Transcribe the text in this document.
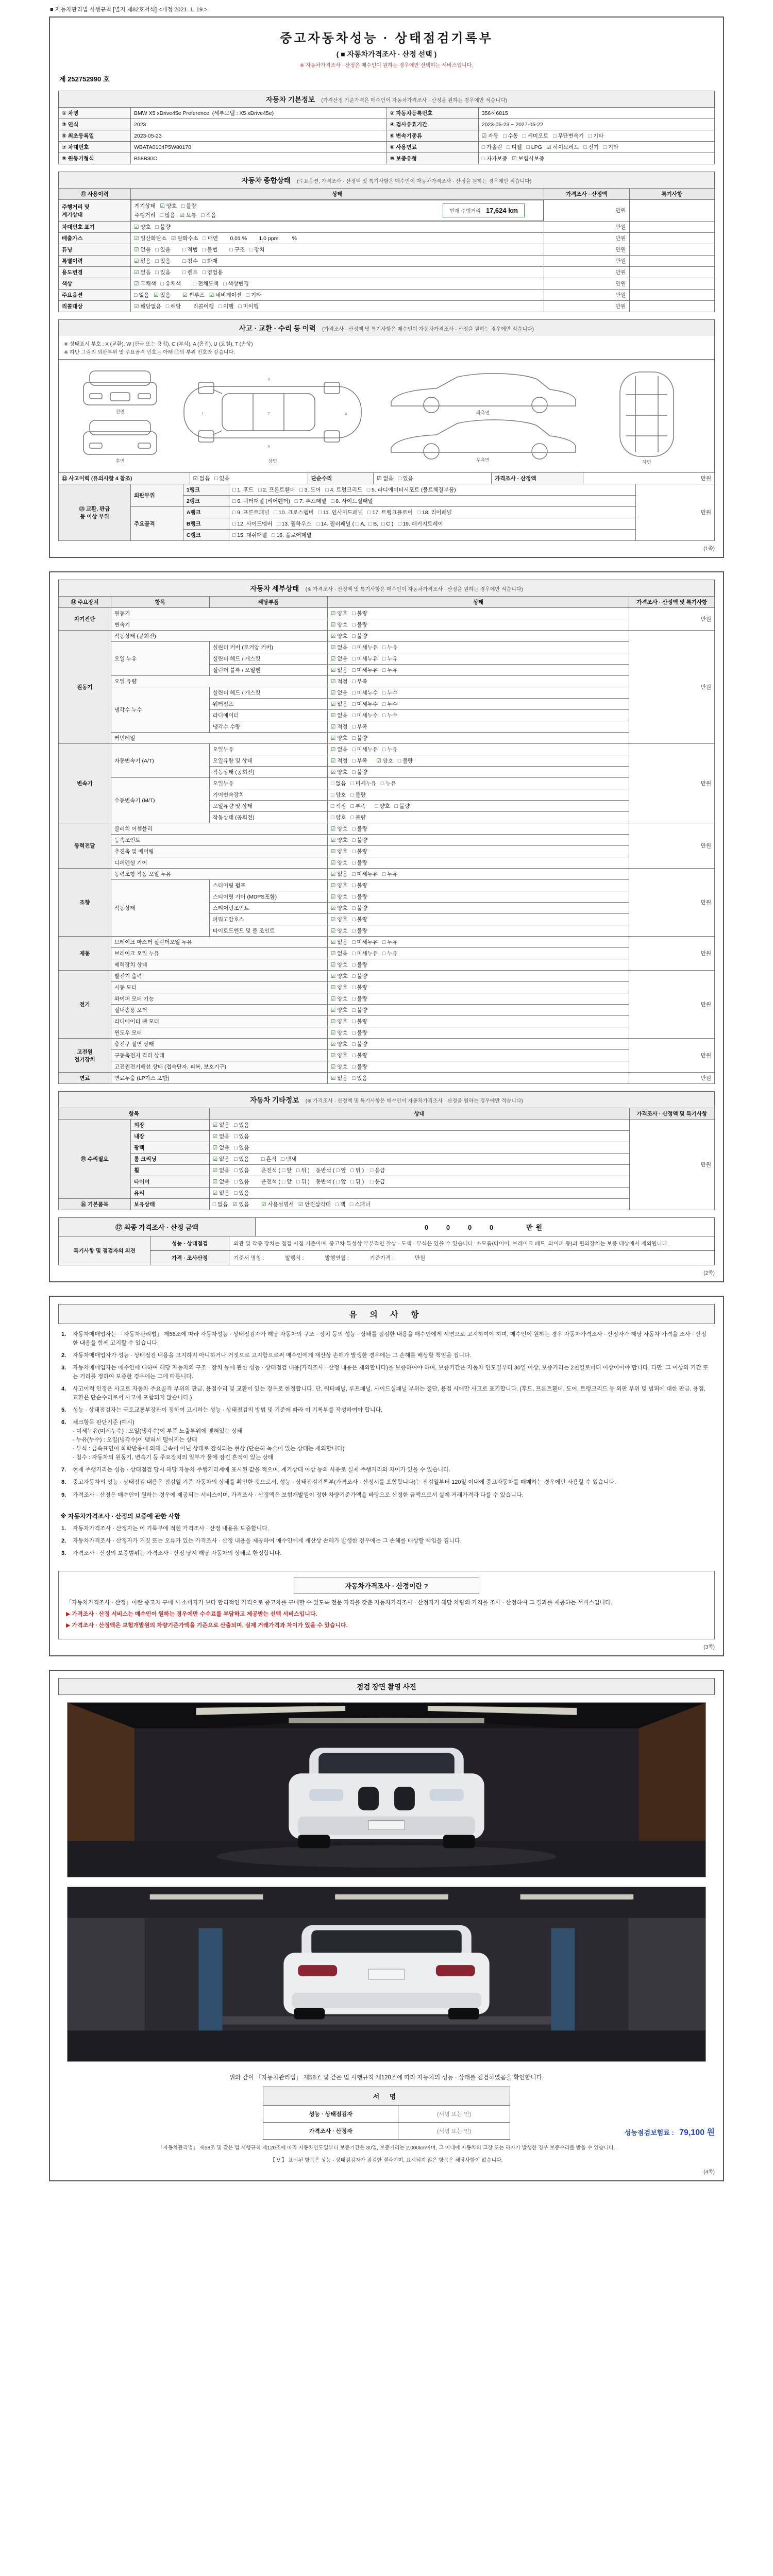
■ 자동차관리법 시행규칙 [별지 제82호서식] <개정 2021. 1. 19.>
중고자동차성능 · 상태점검기록부
( ■ 자동차가격조사 · 산정 선택 )
※ 자동차가격조사 · 산정은 매수인이 원하는 경우에만 선택하는 서비스입니다.
제 252752990 호
자동차 기본정보 (가격산정 기준가격은 매수인이 자동차가격조사 · 산정을 원하는 경우에만 적습니다)
① 차명	BMW X5 xDrive45e Preference  (세부모델 : X5 xDrive45e)	② 자동차등록번호	356허6815
③ 연식	2023	④ 검사유효기간	2023-05-23 ~ 2027-05-22
⑤ 최초등록일	2023-05-23	⑥ 변속기종류	☑ 자동   □ 수동   □ 세미오토   □ 무단변속기   □ 기타
⑦ 차대번호	WBATA0104P5W80170	⑧ 사용연료	□ 가솔린   □ 디젤   □ LPG   ☑ 하이브리드   □ 전기   □ 기타
⑨ 원동기형식	B58B30C	⑩ 보증유형	□ 자가보증   ☑ 보험사보증
자동차 종합상태 (주요옵션, 가격조사 · 산정액 및 특기사항은 매수인이 자동차가격조사 · 산정을 원하는 경우에만 적습니다)
⑪ 사용이력	상태	가격조사 · 산정액	특기사항
주행거리 및
계기상태	
계기상태   ☑ 양호   □ 불량
주행거리   □ 많음   ☑ 보통   □ 적음
현재 주행거리 17,624 km	만원	
차대번호 표기	☑ 양호   □ 불량	만원	
배출가스	☑ 일산화탄소   ☑ 탄화수소   □ 매연        0.01 %        1.0 ppm         %	만원	
튜닝	☑ 없음   □ 있음        □ 적법   □ 불법        □ 구조   □ 장치	만원	
특별이력	☑ 없음   □ 있음        □ 침수   □ 화재	만원	
용도변경	☑ 없음   □ 있음        □ 렌트   □ 영업용	만원	
색상	☑ 무채색   □ 유채색        □ 전체도색   □ 색상변경	만원	
주요옵션	□ 없음   ☑ 있음        ☑ 썬루프   ☑ 네비게이션   □ 기타	만원	
리콜대상	☑ 해당없음   □ 해당        리콜이행   □ 이행   □ 미이행	만원	
사고 · 교환 · 수리 등 이력 (가격조사 · 산정액 및 특기사항은 매수인이 자동차가격조사 · 산정을 원하는 경우에만 적습니다)
※ 상태표시 부호 : X (교환), W (판금 또는 용접), C (부식), A (흠집), U (요철), T (손상)
※ 하단 그림의 외판부위 및 주요골격 번호는 아래 ⑬의 부위 번호와 같습니다.
전면
후면
1	7	4
3
3
상면
좌측면
우측면	하면
⑫ 사고이력 (유의사항 4 참조)	☑ 없음   □ 있음	단순수리	☑ 없음   □ 있음	가격조사 · 산정액	만원
⑬ 교환, 판금
등 이상 부위	외판부위	1랭크	□ 1. 후드   □ 2. 프론트휀더   □ 3. 도어   □ 4. 트렁크리드   □ 5. 라디에이터서포트 (볼트체결부품)	만원
		2랭크	□ 6. 쿼터패널 (리어휀더)   □ 7. 루프패널   □ 8. 사이드실패널	
	주요골격	A랭크	□ 9. 프론트패널   □ 10. 크로스멤버   □ 11. 인사이드패널   □ 17. 트렁크플로어   □ 18. 리어패널	
		B랭크	□ 12. 사이드멤버   □ 13. 휠하우스   □ 14. 필러패널 ( □ A,  □ B,  □ C )   □ 19. 패키지트레이	
		C랭크	□ 15. 대쉬패널   □ 16. 플로어패널	
(1쪽)
자동차 세부상태 (※ 가격조사 · 산정액 및 특기사항은 매수인이 자동차가격조사 · 산정을 원하는 경우에만 적습니다)
⑭ 주요장치	항목	해당부품	상태	가격조사 · 산정액 및 특기사항
자기진단	원동기		☑ 양호   □ 불량	만원
	변속기		☑ 양호   □ 불량	
원동기	작동상태 (공회전)		☑ 양호   □ 불량	만원
	오일 누유	실린더 커버 (로커암 커버)	☑ 없음   □ 미세누유   □ 누유	
		실린더 헤드 / 개스킷	☑ 없음   □ 미세누유   □ 누유	
		실린더 블록 / 오일팬	☑ 없음   □ 미세누유   □ 누유	
	오일 유량		☑ 적정   □ 부족	
	냉각수 누수	실린더 헤드 / 개스킷	☑ 없음   □ 미세누수   □ 누수	
		워터펌프	☑ 없음   □ 미세누수   □ 누수	
		라디에이터	☑ 없음   □ 미세누수   □ 누수	
		냉각수 수량	☑ 적정   □ 부족	
	커먼레일		☑ 양호   □ 불량	
변속기	자동변속기 (A/T)	오일누유	☑ 없음   □ 미세누유   □ 누유	만원
		오일유량 및 상태	☑ 적정   □ 부족      ☑ 양호   □ 불량	
		작동상태 (공회전)	☑ 양호   □ 불량	
	수동변속기 (M/T)	오일누유	□ 없음   □ 미세누유   □ 누유	
		기어변속장치	□ 양호   □ 불량	
		오일유량 및 상태	□ 적정   □ 부족      □ 양호   □ 불량	
		작동상태 (공회전)	□ 양호   □ 불량	
동력전달	클러치 어셈블리		☑ 양호   □ 불량	만원
	등속조인트		☑ 양호   □ 불량	
	추진축 및 베어링		☑ 양호   □ 불량	
	디퍼렌셜 기어		☑ 양호   □ 불량	
조향	동력조향 작동 오일 누유		☑ 없음   □ 미세누유   □ 누유	만원
	작동상태	스티어링 펌프	☑ 양호   □ 불량	
		스티어링 기어 (MDPS포함)	☑ 양호   □ 불량	
		스티어링조인트	☑ 양호   □ 불량	
		파워고압호스	☑ 양호   □ 불량	
		타이로드엔드 및 볼 조인트	☑ 양호   □ 불량	
제동	브레이크 마스터 실린더오일 누유		☑ 없음   □ 미세누유   □ 누유	만원
	브레이크 오일 누유		☑ 없음   □ 미세누유   □ 누유	
	배력장치 상태		☑ 양호   □ 불량	
전기	발전기 출력		☑ 양호   □ 불량	만원
	시동 모터		☑ 양호   □ 불량	
	와이퍼 모터 기능		☑ 양호   □ 불량	
	실내송풍 모터		☑ 양호   □ 불량	
	라디에이터 팬 모터		☑ 양호   □ 불량	
	윈도우 모터		☑ 양호   □ 불량	
고전원
전기장치	충전구 절연 상태		☑ 양호   □ 불량	만원
	구동축전지 격리 상태		☑ 양호   □ 불량	
	고전원전기배선 상태 (접속단자, 피복, 보호기구)		☑ 양호   □ 불량	
연료	연료누출 (LP가스 포함)		☑ 없음   □ 있음	만원
자동차 기타정보 (※ 가격조사 · 산정액 및 특기사항은 매수인이 자동차가격조사 · 산정을 원하는 경우에만 적습니다)
항목		상태	가격조사 · 산정액 및 특기사항
⑮ 수리필요	외장	☑ 없음   □ 있음	만원
	내장	☑ 없음   □ 있음	
	광택	☑ 없음   □ 있음	
	룸 크리닝	☑ 없음   □ 있음        □ 흔적   □ 냄새	
	휠	☑ 없음   □ 있음        운전석 ( □ 앞   □ 뒤 )    동반석 ( □ 앞   □ 뒤 )    □ 응급	
	타이어	☑ 없음   □ 있음        운전석 ( □ 앞   □ 뒤 )    동반석 ( □ 앞   □ 뒤 )    □ 응급	
	유리	☑ 없음   □ 있음	
⑯ 기본품목	보유상태	□ 없음   ☑ 있음        ☑ 사용설명서   ☑ 안전삼각대   □ 잭   □ 스패너	
⑰ 최종 가격조사 · 산정 금액	0   0   0   0      만원
특기사항 및 점검자의 의견	성능 · 상태점검	외관 및 각종 장치는 점검 시점 기준이며, 중고차 특성상 부분적인 찰상 · 도색 · 부식은 있을 수 있습니다. 소모품(타이어, 브레이크 패드, 와이퍼 등)과 편의장치는 보증 대상에서 제외됩니다.
	가격 · 조사산정	기준서 명칭 :              발행처 :              발행연월 :              기준가격 :              만원
(2쪽)
유 의 사 항
1.	자동차매매업자는 「자동차관리법」 제58조에 따라 자동차성능 · 상태점검자가 해당 자동차의 구조 · 장치 등의 성능 · 상태를 점검한 내용을 매수인에게 서면으로 고지하여야 하며, 매수인이 원하는 경우 자동차가격조사 · 산정자가 해당 자동차 가격을 조사 · 산정한 내용을 함께 고지할 수 있습니다.
2.	자동차매매업자가 성능 · 상태점검 내용을 고지하지 아니하거나 거짓으로 고지함으로써 매수인에게 재산상 손해가 발생한 경우에는 그 손해를 배상할 책임을 집니다.
3.	자동차매매업자는 매수인에 대하여 해당 자동차의 구조 · 장치 등에 관한 성능 · 상태점검 내용(가격조사 · 산정 내용은 제외합니다)을 보증하여야 하며, 보증기간은 자동차 인도일부터 30일 이상, 보증거리는 2천킬로미터 이상이어야 합니다. 다만, 그 이상의 기간 또는 거리를 정하여 보증한 경우에는 그에 따릅니다.
4.	사고이력 인정은 사고로 자동차 주요골격 부위의 판금, 용접수리 및 교환이 있는 경우로 한정합니다. 단, 쿼터패널, 루프패널, 사이드실패널 부위는 절단, 용접 시에만 사고로 표기합니다. (후드, 프론트휀더, 도어, 트렁크리드 등 외판 부위 및 범퍼에 대한 판금, 용접, 교환은 단순수리로서 사고에 포함되지 않습니다.)
5.	성능 · 상태점검자는 국토교통부장관이 정하여 고시하는 성능 · 상태점검의 방법 및 기준에 따라 이 기록부를 작성하여야 합니다.
6.	체크항목 판단기준 (예시)
- 미세누유(미세누수) : 오일(냉각수)이 부품 노출부위에 맺혀있는 상태
- 누유(누수) : 오일(냉각수)이 맺혀서 떨어지는 상태
- 부식 : 금속표면이 화학반응에 의해 금속이 아닌 상태로 잠식되는 현상 (단순히 녹슬어 있는 상태는 제외합니다)
- 침수 : 자동차의 원동기, 변속기 등 주요장치의 일부가 물에 잠긴 흔적이 있는 상태
7.	현재 주행거리는 성능 · 상태점검 당시 해당 자동차 주행거리계에 표시된 값을 적으며, 계기상태 이상 등의 사유로 실제 주행거리와 차이가 있을 수 있습니다.
8.	중고자동차의 성능 · 상태점검 내용은 점검일 기준 자동차의 상태를 확인한 것으로서, 성능 · 상태점검기록부(가격조사 · 산정서를 포함합니다)는 점검일부터 120일 이내에 중고자동차를 매매하는 경우에만 사용할 수 있습니다.
9.	가격조사 · 산정은 매수인이 원하는 경우에 제공되는 서비스이며, 가격조사 · 산정액은 보험개발원이 정한 차량기준가액을 바탕으로 산정한 금액으로서 실제 거래가격과 다를 수 있습니다.
※ 자동차가격조사 · 산정의 보증에 관한 사항
1.	자동차가격조사 · 산정자는 이 기록부에 적힌 가격조사 · 산정 내용을 보증합니다.
2.	자동차가격조사 · 산정자가 거짓 또는 오류가 있는 가격조사 · 산정 내용을 제공하여 매수인에게 재산상 손해가 발생한 경우에는 그 손해를 배상할 책임을 집니다.
3.	가격조사 · 산정의 보증범위는 가격조사 · 산정 당시 해당 자동차의 상태로 한정합니다.
자동차가격조사 · 산정이란 ?
「자동차가격조사 · 산정」이란 중고차 구매 시 소비자가 보다 합리적인 가격으로 중고차를 구매할 수 있도록 전문 자격을 갖춘 자동차가격조사 · 산정자가 해당 차량의 가격을 조사 · 산정하여 그 결과를 제공하는 서비스입니다.
▶ 가격조사 · 산정 서비스는 매수인이 원하는 경우에만 수수료를 부담하고 제공받는 선택 서비스입니다.
▶ 가격조사 · 산정액은 보험개발원의 차량기준가액을 기준으로 산출되며, 실제 거래가격과 차이가 있을 수 있습니다.
(3쪽)
점검 장면 촬영 사진
위와 같이 「자동차관리법」 제58조 및 같은 법 시행규칙 제120조에 따라 자동차의 성능 · 상태를 점검하였음을 확인합니다.
서 명	
성능 · 상태점검자	(서명 또는 인)
가격조사 · 산정자	(서명 또는 인)	성능점검보험료 : 79,100 원
「자동차관리법」 제58조 및 같은 법 시행규칙 제120조에 따라 자동차인도일부터 보증기간은 30일, 보증거리는 2,000km이며, 그 이내에 자동차의 고장 또는 하자가 발생한 경우 보증수리를 받을 수 있습니다.
【 V 】 표시된 항목은 성능 · 상태점검자가 점검한 결과이며, 표시되지 않은 항목은 해당사항이 없습니다.
(4쪽)
